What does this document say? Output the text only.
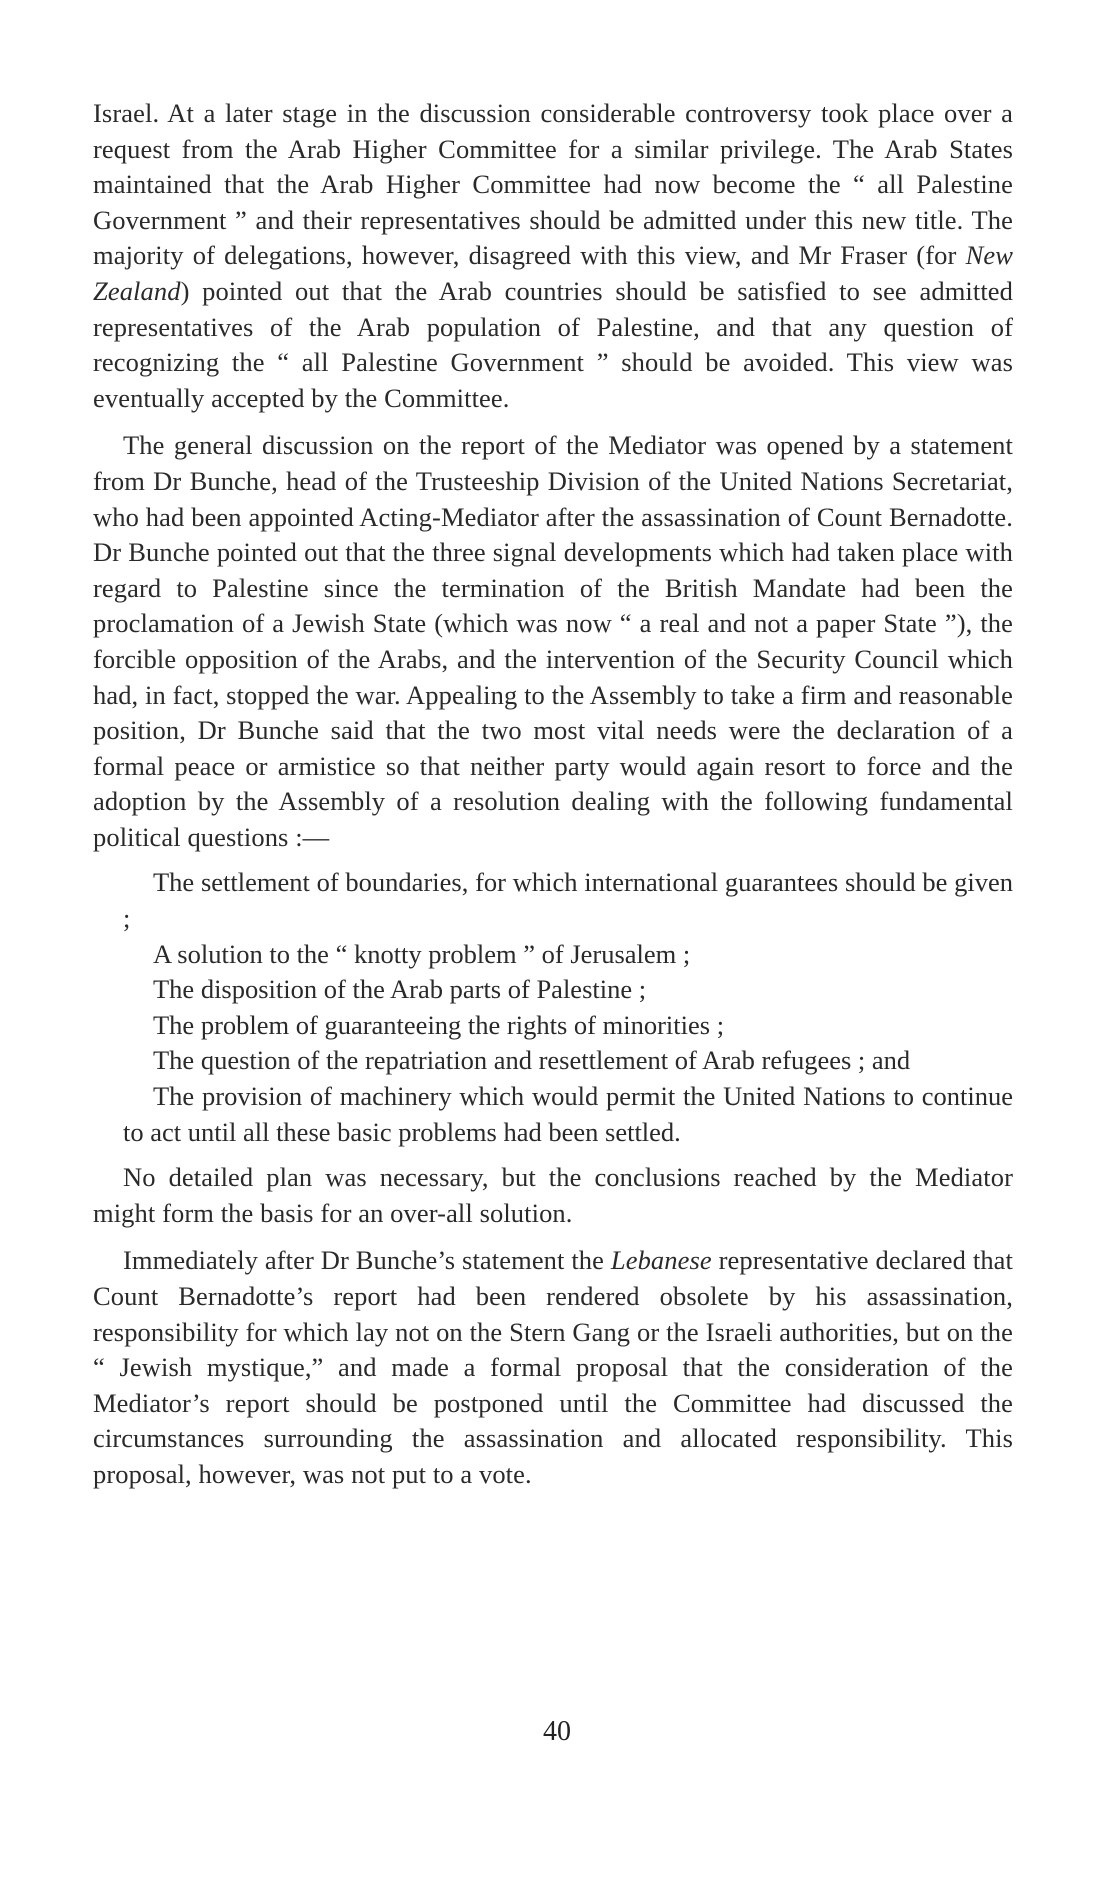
Israel. At a later stage in the discussion considerable controversy took place over a request from the Arab Higher Committee for a similar privilege. The Arab States maintained that the Arab Higher Committee had now become the “ all Palestine Government ” and their representatives should be admitted under this new title. The majority of delegations, however, disagreed with this view, and Mr Fraser (for New Zealand) pointed out that the Arab countries should be satisfied to see admitted representatives of the Arab population of Palestine, and that any question of recognizing the “ all Palestine Government ” should be avoided. This view was eventually accepted by the Committee.

The general discussion on the report of the Mediator was opened by a statement from Dr Bunche, head of the Trusteeship Division of the United Nations Secretariat, who had been appointed Acting-Mediator after the assassination of Count Bernadotte. Dr Bunche pointed out that the three signal developments which had taken place with regard to Palestine since the termination of the British Mandate had been the proclamation of a Jewish State (which was now “ a real and not a paper State ”), the forcible opposition of the Arabs, and the intervention of the Security Council which had, in fact, stopped the war. Appealing to the Assembly to take a firm and reasonable position, Dr Bunche said that the two most vital needs were the declaration of a formal peace or armistice so that neither party would again resort to force and the adoption by the Assembly of a resolution dealing with the following fundamental political questions :—

The settlement of boundaries, for which international guarantees should be given ;

A solution to the “ knotty problem ” of Jerusalem ;

The disposition of the Arab parts of Palestine ;

The problem of guaranteeing the rights of minorities ;

The question of the repatriation and resettlement of Arab refugees ; and

The provision of machinery which would permit the United Nations to continue to act until all these basic problems had been settled.

No detailed plan was necessary, but the conclusions reached by the Mediator might form the basis for an over-all solution.

Immediately after Dr Bunche’s statement the Lebanese representative declared that Count Bernadotte’s report had been rendered obsolete by his assassination, responsibility for which lay not on the Stern Gang or the Israeli authorities, but on the “ Jewish mystique,” and made a formal proposal that the consideration of the Mediator’s report should be postponed until the Committee had discussed the circumstances surrounding the assassination and allocated responsibility. This proposal, however, was not put to a vote.

40
